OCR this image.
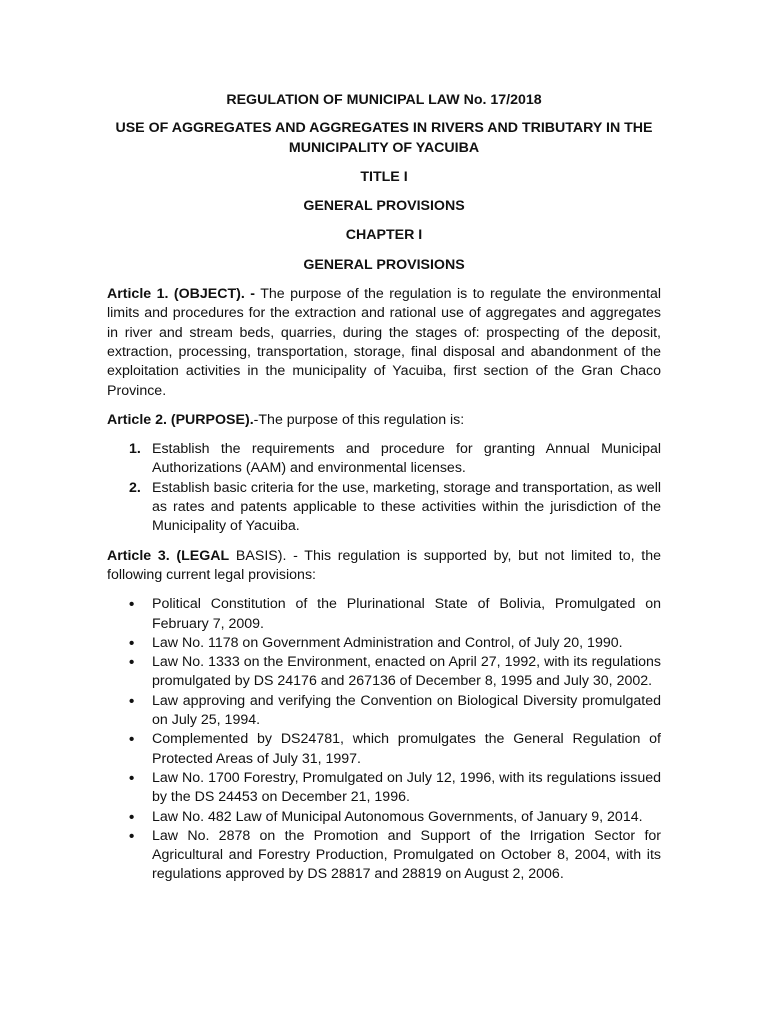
REGULATION OF MUNICIPAL LAW No. 17/2018

USE OF AGGREGATES AND AGGREGATES IN RIVERS AND TRIBUTARY IN THE MUNICIPALITY OF YACUIBA

TITLE I

GENERAL PROVISIONS

CHAPTER I

GENERAL PROVISIONS

Article 1. (OBJECT). - The purpose of the regulation is to regulate the environmental limits and procedures for the extraction and rational use of aggregates and aggregates in river and stream beds, quarries, during the stages of: prospecting of the deposit, extraction, processing, transportation, storage, final disposal and abandonment of the exploitation activities in the municipality of Yacuiba, first section of the Gran Chaco Province.

Article 2. (PURPOSE).-The purpose of this regulation is:

1. Establish the requirements and procedure for granting Annual Municipal Authorizations (AAM) and environmental licenses.
2. Establish basic criteria for the use, marketing, storage and transportation, as well as rates and patents applicable to these activities within the jurisdiction of the Municipality of Yacuiba.

Article 3. (LEGAL BASIS). - This regulation is supported by, but not limited to, the following current legal provisions:

• Political Constitution of the Plurinational State of Bolivia, Promulgated on February 7, 2009.
• Law No. 1178 on Government Administration and Control, of July 20, 1990.
• Law No. 1333 on the Environment, enacted on April 27, 1992, with its regulations promulgated by DS 24176 and 267136 of December 8, 1995 and July 30, 2002.
• Law approving and verifying the Convention on Biological Diversity promulgated on July 25, 1994.
• Complemented by DS24781, which promulgates the General Regulation of Protected Areas of July 31, 1997.
• Law No. 1700 Forestry, Promulgated on July 12, 1996, with its regulations issued by the DS 24453 on December 21, 1996.
• Law No. 482 Law of Municipal Autonomous Governments, of January 9, 2014.
• Law No. 2878 on the Promotion and Support of the Irrigation Sector for Agricultural and Forestry Production, Promulgated on October 8, 2004, with its regulations approved by DS 28817 and 28819 on August 2, 2006.
